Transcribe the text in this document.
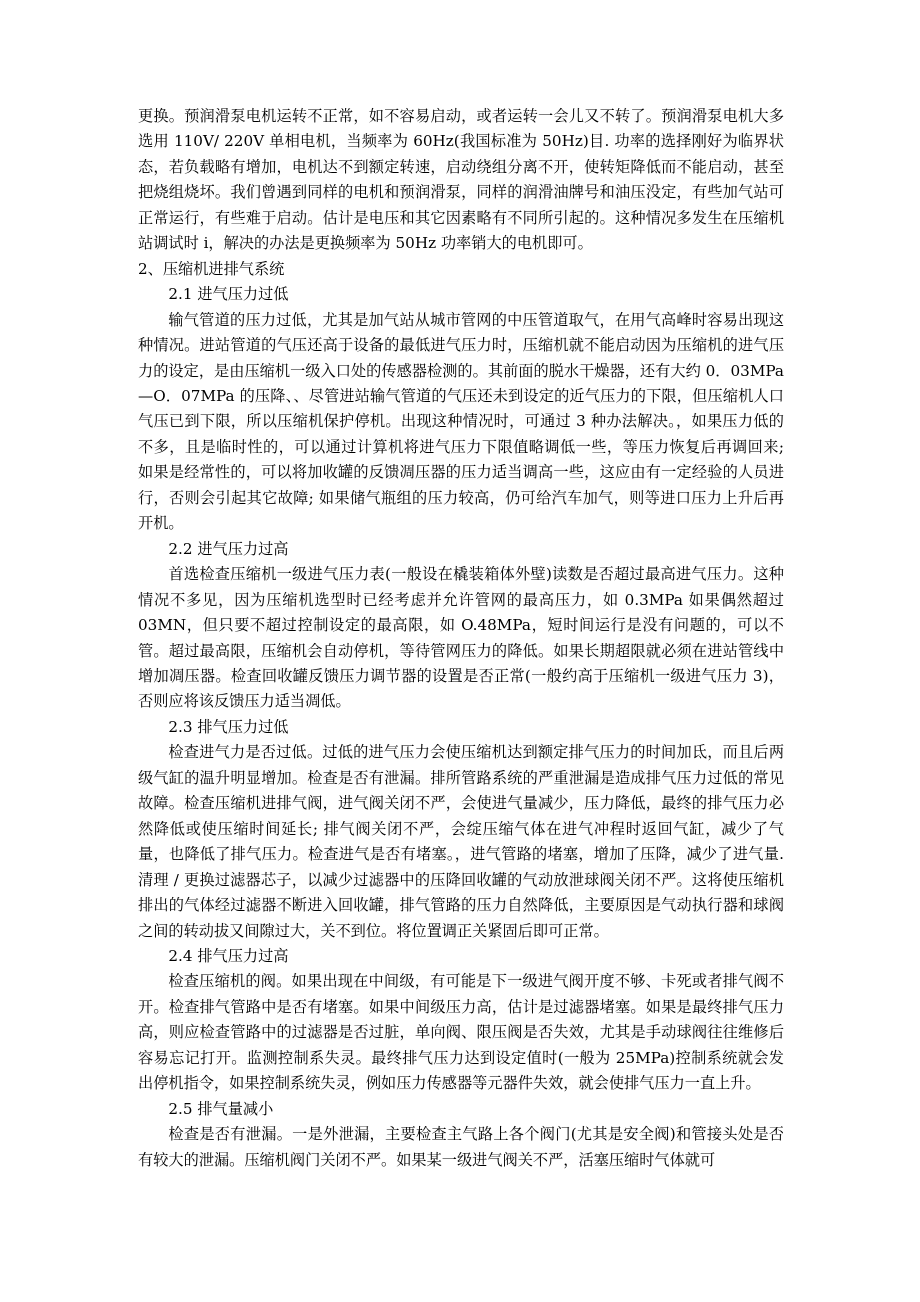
更换。预润滑泵电机运转不正常，如不容易启动，或者运转一会儿又不转了。预润滑泵电机大多选用 110V/ 220V 单相电机，当频率为 60Hz(我国标准为 50Hz)目. 功率的选择刚好为临界状态，若负载略有增加，电机达不到额定转速，启动绕组分离不开，使转矩降低而不能启动，甚至把烧组烧坏。我们曾遇到同样的电机和预润滑泵，同样的润滑油牌号和油压没定，有些加气站可正常运行，有些难于启动。估计是电压和其它因素略有不同所引起的。这种情况多发生在压缩机站调试时 i，解决的办法是更换频率为 50Hz 功率销大的电机即可。

2、压缩机进排气系统

2.1 进气压力过低

输气管道的压力过低，尤其是加气站从城市管网的中压管道取气，在用气高峰时容易出现这种情况。进站管道的气压还高于设备的最低进气压力时，压缩机就不能启动因为压缩机的进气压力的设定，是由压缩机一级入口处的传感器检测的。其前面的脱水干燥器，还有大约 0．03MPa—O．07MPa 的压降、、尽管进站输气管道的气压还未到设定的近气压力的下限，但压缩机人口气压已到下限，所以压缩机保护停机。出现这种情况时，可通过 3 种办法解决。，如果压力低的不多，且是临时性的，可以通过计算机将进气压力下限值略调低一些，等压力恢复后再调回来; 如果是经常性的，可以将加收罐的反馈凋压器的压力适当调高一些，这应由有一定经验的人员进行，否则会引起其它故障; 如果储气瓶组的压力较高，仍可给汽车加气，则等进口压力上升后再开机。

2.2 进气压力过高

首选检查压缩机一级进气压力表(一般设在橇装箱体外壁)读数是否超过最高进气压力。这种情况不多见，因为压缩机选型时已经考虑并允许管网的最高压力，如 0.3MPa 如果偶然超过 03MN，但只要不超过控制设定的最高限，如 O.48MPa，短时间运行是没有问题的，可以不管。超过最高限，压缩机会自动停机，等待管网压力的降低。如果长期超限就必须在进站管线中增加凋压器。检查回收罐反馈压力调节器的设置是否正常(一般约高于压缩机一级进气压力 3)，否则应将该反馈压力适当凋低。

2.3 排气压力过低

检查进气力是否过低。过低的进气压力会使压缩机达到额定排气压力的时间加氐，而且后两级气缸的温升明显增加。检查是否有泄漏。排所管路系统的严重泄漏是造成排气压力过低的常见故障。检查压缩机进排气阀，进气阀关闭不严，会使进气量减少，压力降低，最终的排气压力必然降低或使压缩时间延长; 排气阀关闭不严，会绽压缩气体在进气冲程时返回气缸，减少了气量，也降低了排气压力。检查进气是否有堵塞。，进气管路的堵塞，增加了压降，减少了进气量.清理 / 更换过滤器芯子，以减少过滤器中的压降回收罐的气动放泄球阀关闭不严。这将使压缩机排出的气体经过滤器不断进入回收罐，排气管路的压力自然降低，主要原因是气动执行器和球阀之间的转动拔又间隙过大，关不到位。将位置调正关紧固后即可正常。

2.4 排气压力过高

检查压缩机的阀。如果出现在中间级，有可能是下一级进气阀开度不够、卡死或者排气阀不开。检查排气管路中是否有堵塞。如果中间级压力高，估计是过滤器堵塞。如果是最终排气压力高，则应检查管路中的过滤器是否过脏，单向阀、限压阀是否失效，尤其是手动球阀往往维修后容易忘记打开。监测控制系失灵。最终排气压力达到设定值时(一般为 25MPa)控制系统就会发出停机指令，如果控制系统失灵，例如压力传感器等元器件失效，就会使排气压力一直上升。

2.5 排气量减小

检查是否有泄漏。一是外泄漏，主要检查主气路上各个阀门(尤其是安全阀)和管接头处是否有较大的泄漏。压缩机阀门关闭不严。如果某一级进气阀关不严，活塞压缩时气体就可
